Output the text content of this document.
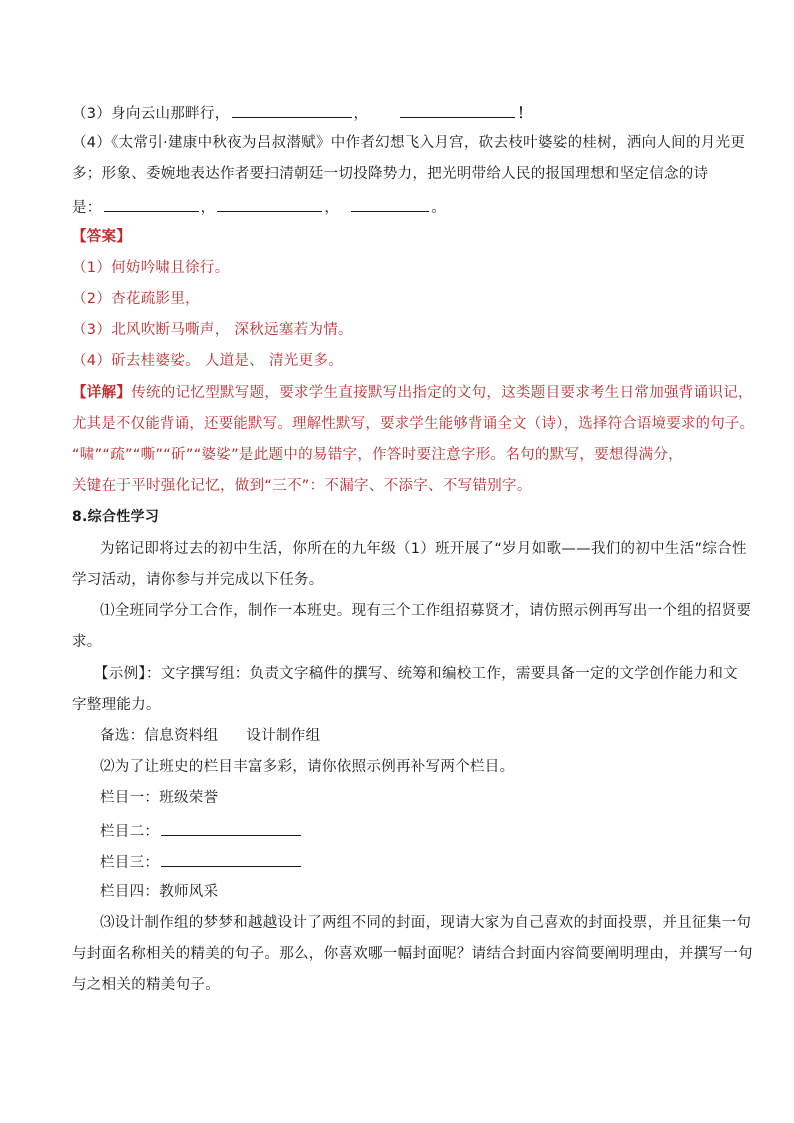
（3）身向云山那畔行，	，	！
（4）《太常引·建康中秋夜为吕叔潜赋》中作者幻想飞入月宫，砍去枝叶婆娑的桂树，洒向人间的月光更
多；形象、委婉地表达作者要扫清朝廷一切投降势力，把光明带给人民的报国理想和坚定信念的诗
是：	，	，	。
【答案】
（1）何妨吟啸且徐行。
（2）杏花疏影里，
（3）北风吹断马嘶声， 深秋远塞若为情。
（4）斫去桂婆娑。 人道是、 清光更多。
【详解】传统的记忆型默写题，要求学生直接默写出指定的文句，这类题目要求考生日常加强背诵识记，
尤其是不仅能背诵，还要能默写。理解性默写，要求学生能够背诵全文（诗），选择符合语境要求的句子。
“啸”“疏”“嘶”“斫”“婆娑”是此题中的易错字，作答时要注意字形。名句的默写，要想得满分，
关键在于平时强化记忆，做到“三不”：不漏字、不添字、不写错别字。
8.综合性学习
为铭记即将过去的初中生活，你所在的九年级（1）班开展了“岁月如歌——我们的初中生活”综合性
学习活动，请你参与并完成以下任务。
⑴全班同学分工合作，制作一本班史。现有三个工作组招募贤才，请仿照示例再写出一个组的招贤要
求。
【示例】：文字撰写组：负责文字稿件的撰写、统筹和编校工作，需要具备一定的文学创作能力和文
字整理能力。
备选：信息资料组 设计制作组
⑵为了让班史的栏目丰富多彩，请你依照示例再补写两个栏目。
栏目一：班级荣誉
栏目二：
栏目三：
栏目四：教师风采
⑶设计制作组的梦梦和越越设计了两组不同的封面，现请大家为自己喜欢的封面投票，并且征集一句
与封面名称相关的精美的句子。那么，你喜欢哪一幅封面呢？请结合封面内容简要阐明理由，并撰写一句
与之相关的精美句子。
